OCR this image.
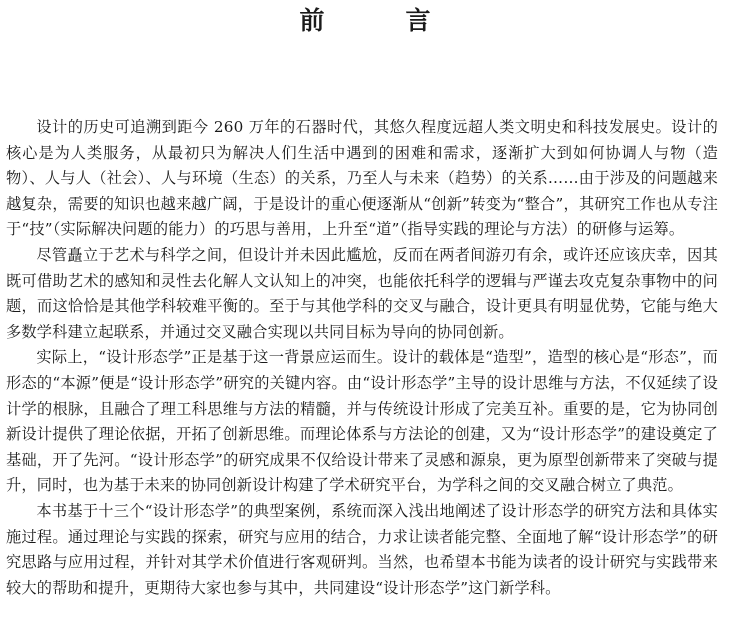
前　言

设计的历史可追溯到距今 260 万年的石器时代，其悠久程度远超人类文明史和科技发展史。设计的核心是为人类服务，从最初只为解决人们生活中遇到的困难和需求，逐渐扩大到如何协调人与物（造物）、人与人（社会）、人与环境（生态）的关系，乃至人与未来（趋势）的关系……由于涉及的问题越来越复杂，需要的知识也越来越广阔，于是设计的重心便逐渐从“创新”转变为“整合”，其研究工作也从专注于“技”（实际解决问题的能力）的巧思与善用，上升至“道”（指导实践的理论与方法）的研修与运筹。

尽管矗立于艺术与科学之间，但设计并未因此尴尬，反而在两者间游刃有余，或许还应该庆幸，因其既可借助艺术的感知和灵性去化解人文认知上的冲突，也能依托科学的逻辑与严谨去攻克复杂事物中的问题，而这恰恰是其他学科较难平衡的。至于与其他学科的交叉与融合，设计更具有明显优势，它能与绝大多数学科建立起联系，并通过交叉融合实现以共同目标为导向的协同创新。

实际上，“设计形态学”正是基于这一背景应运而生。设计的载体是“造型”，造型的核心是“形态”，而形态的“本源”便是“设计形态学”研究的关键内容。由“设计形态学”主导的设计思维与方法，不仅延续了设计学的根脉，且融合了理工科思维与方法的精髓，并与传统设计形成了完美互补。重要的是，它为协同创新设计提供了理论依据，开拓了创新思维。而理论体系与方法论的创建，又为“设计形态学”的建设奠定了基础，开了先河。“设计形态学”的研究成果不仅给设计带来了灵感和源泉，更为原型创新带来了突破与提升，同时，也为基于未来的协同创新设计构建了学术研究平台，为学科之间的交叉融合树立了典范。

本书基于十三个“设计形态学”的典型案例，系统而深入浅出地阐述了设计形态学的研究方法和具体实施过程。通过理论与实践的探索，研究与应用的结合，力求让读者能完整、全面地了解“设计形态学”的研究思路与应用过程，并针对其学术价值进行客观研判。当然，也希望本书能为读者的设计研究与实践带来较大的帮助和提升，更期待大家也参与其中，共同建设“设计形态学”这门新学科。
